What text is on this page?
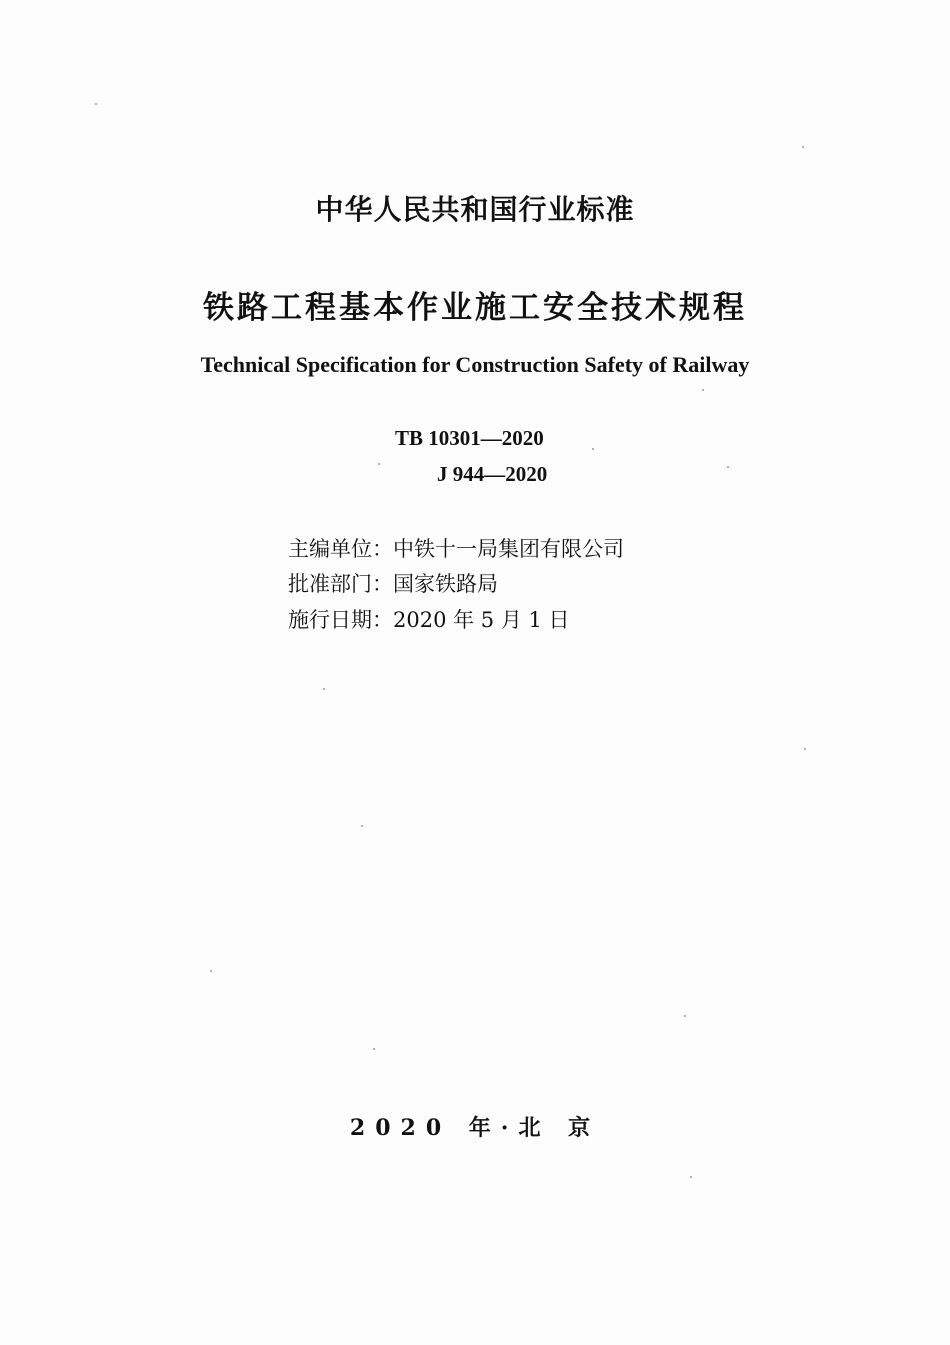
中华人民共和国行业标准
铁路工程基本作业施工安全技术规程
Technical Specification for Construction Safety of Railway
TB 10301—2020
J 944—2020
主编单位：中铁十一局集团有限公司
批准部门：国家铁路局
施行日期：2020 年 5 月 1 日
2020 年·北 京
